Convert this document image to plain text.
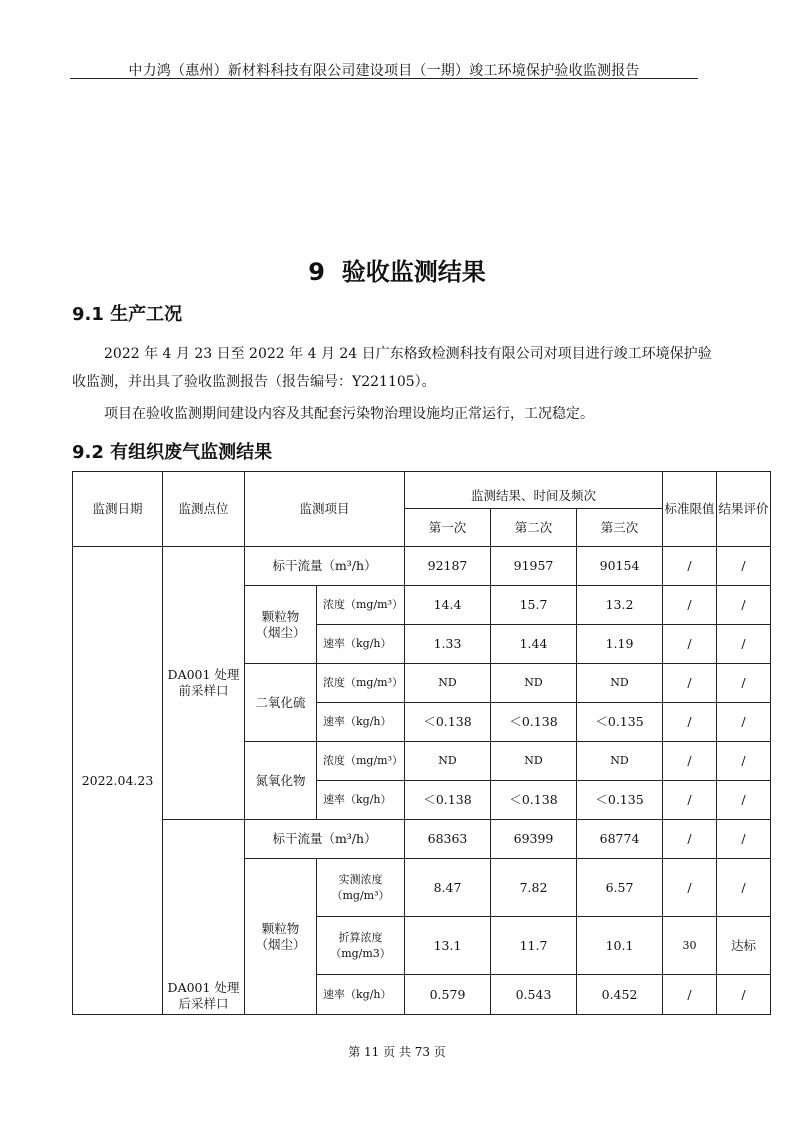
中力鸿（惠州）新材料科技有限公司建设项目（一期）竣工环境保护验收监测报告
9  验收监测结果
9.1 生产工况
2022 年 4 月 23 日至 2022 年 4 月 24 日广东格致检测科技有限公司对项目进行竣工环境保护验收监测，并出具了验收监测报告（报告编号：Y221105）。
项目在验收监测期间建设内容及其配套污染物治理设施均正常运行，工况稳定。
9.2 有组织废气监测结果
监测日期	监测点位	监测项目		监测结果、时间及频次			标准限值	结果评价
				第一次	第二次	第三次		
2022.04.23	DA001 处理前采样口	标干流量（m³/h）		92187	91957	90154	/	/
		颗粒物（烟尘）	浓度（mg/m³）	14.4	15.7	13.2	/	/
			速率（kg/h）	1.33	1.44	1.19	/	/
		二氧化硫	浓度（mg/m³）	ND	ND	ND	/	/
			速率（kg/h）	＜0.138	＜0.138	＜0.135	/	/
		氮氧化物	浓度（mg/m³）	ND	ND	ND	/	/
			速率（kg/h）	＜0.138	＜0.138	＜0.135	/	/
	DA001 处理后采样口	标干流量（m³/h）		68363	69399	68774	/	/
		颗粒物（烟尘）	实测浓度（mg/m³）	8.47	7.82	6.57	/	/
			折算浓度（mg/m3）	13.1	11.7	10.1	30	达标
			速率（kg/h）	0.579	0.543	0.452	/	/
第 11 页 共 73 页
